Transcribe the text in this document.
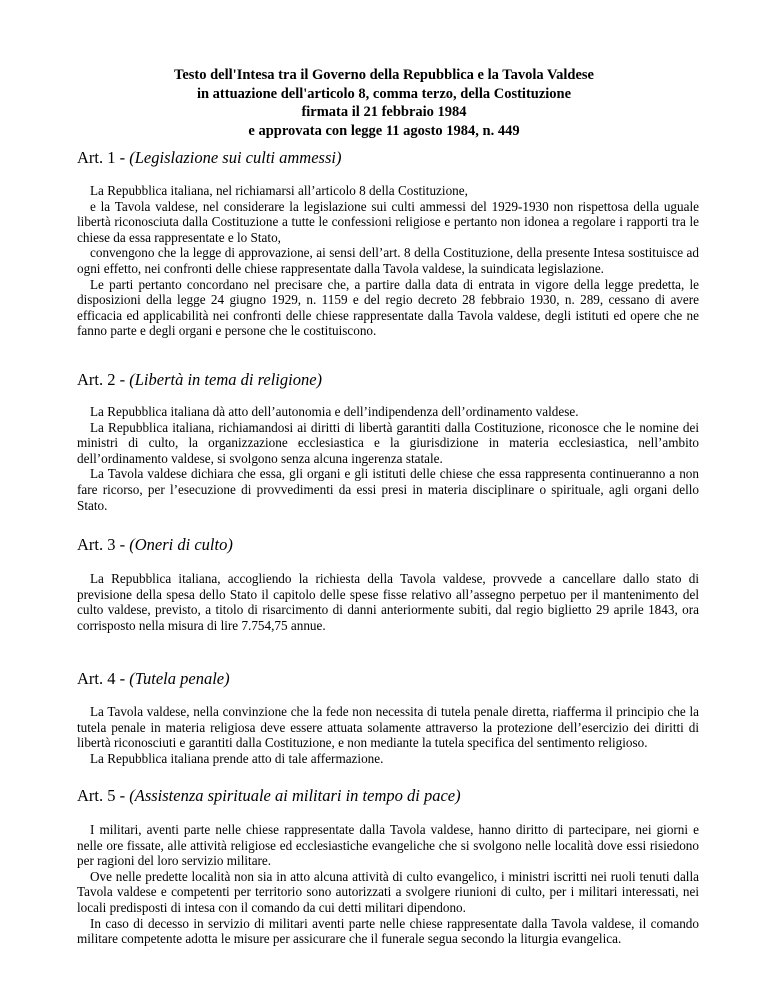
Testo dell'Intesa tra il Governo della Repubblica e la Tavola Valdese
in attuazione dell'articolo 8, comma terzo, della Costituzione
firmata il 21 febbraio 1984
e approvata con legge 11 agosto 1984, n. 449
Art. 1 - (Legislazione sui culti ammessi)

La Repubblica italiana, nel richiamarsi all’articolo 8 della Costituzione,

e la Tavola valdese, nel considerare la legislazione sui culti ammessi del 1929-1930 non rispettosa della uguale libertà riconosciuta dalla Costituzione a tutte le confessioni religiose e pertanto non idonea a regolare i rapporti tra le chiese da essa rappresentate e lo Stato,

convengono che la legge di approvazione, ai sensi dell’art. 8 della Costituzione, della presente Intesa sostituisce ad ogni effetto, nei confronti delle chiese rappresentate dalla Tavola valdese, la suindicata legislazione.

Le parti pertanto concordano nel precisare che, a partire dalla data di entrata in vigore della legge predetta, le disposizioni della legge 24 giugno 1929, n. 1159 e del regio decreto 28 febbraio 1930, n. 289, cessano di avere efficacia ed applicabilità nei confronti delle chiese rappresentate dalla Tavola valdese, degli istituti ed opere che ne fanno parte e degli organi e persone che le costituiscono.

Art. 2 - (Libertà in tema di religione)

La Repubblica italiana dà atto dell’autonomia e dell’indipendenza dell’ordinamento valdese.

La Repubblica italiana, richiamandosi ai diritti di libertà garantiti dalla Costituzione, riconosce che le nomine dei ministri di culto, la organizzazione ecclesiastica e la giurisdizione in materia ecclesiastica, nell’ambito dell’ordinamento valdese, si svolgono senza alcuna ingerenza statale.

La Tavola valdese dichiara che essa, gli organi e gli istituti delle chiese che essa rappresenta continueranno a non fare ricorso, per l’esecuzione di provvedimenti da essi presi in materia disciplinare o spirituale, agli organi dello Stato.

Art. 3 - (Oneri di culto)

La Repubblica italiana, accogliendo la richiesta della Tavola valdese, provvede a cancellare dallo stato di previsione della spesa dello Stato il capitolo delle spese fisse relativo all’assegno perpetuo per il mantenimento del culto valdese, previsto, a titolo di risarcimento di danni anteriormente subiti, dal regio biglietto 29 aprile 1843, ora corrisposto nella misura di lire 7.754,75 annue.

Art. 4 - (Tutela penale)

La Tavola valdese, nella convinzione che la fede non necessita di tutela penale diretta, riafferma il principio che la tutela penale in materia religiosa deve essere attuata solamente attraverso la protezione dell’esercizio dei diritti di libertà riconosciuti e garantiti dalla Costituzione, e non mediante la tutela specifica del sentimento religioso.

La Repubblica italiana prende atto di tale affermazione.

Art. 5 - (Assistenza spirituale ai militari in tempo di pace)

I militari, aventi parte nelle chiese rappresentate dalla Tavola valdese, hanno diritto di partecipare, nei giorni e nelle ore fissate, alle attività religiose ed ecclesiastiche evangeliche che si svolgono nelle località dove essi risiedono per ragioni del loro servizio militare.

Ove nelle predette località non sia in atto alcuna attività di culto evangelico, i ministri iscritti nei ruoli tenuti dalla Tavola valdese e competenti per territorio sono autorizzati a svolgere riunioni di culto, per i militari interessati, nei locali predisposti di intesa con il comando da cui detti militari dipendono.

In caso di decesso in servizio di militari aventi parte nelle chiese rappresentate dalla Tavola valdese, il comando militare competente adotta le misure per assicurare che il funerale segua secondo la liturgia evangelica.
